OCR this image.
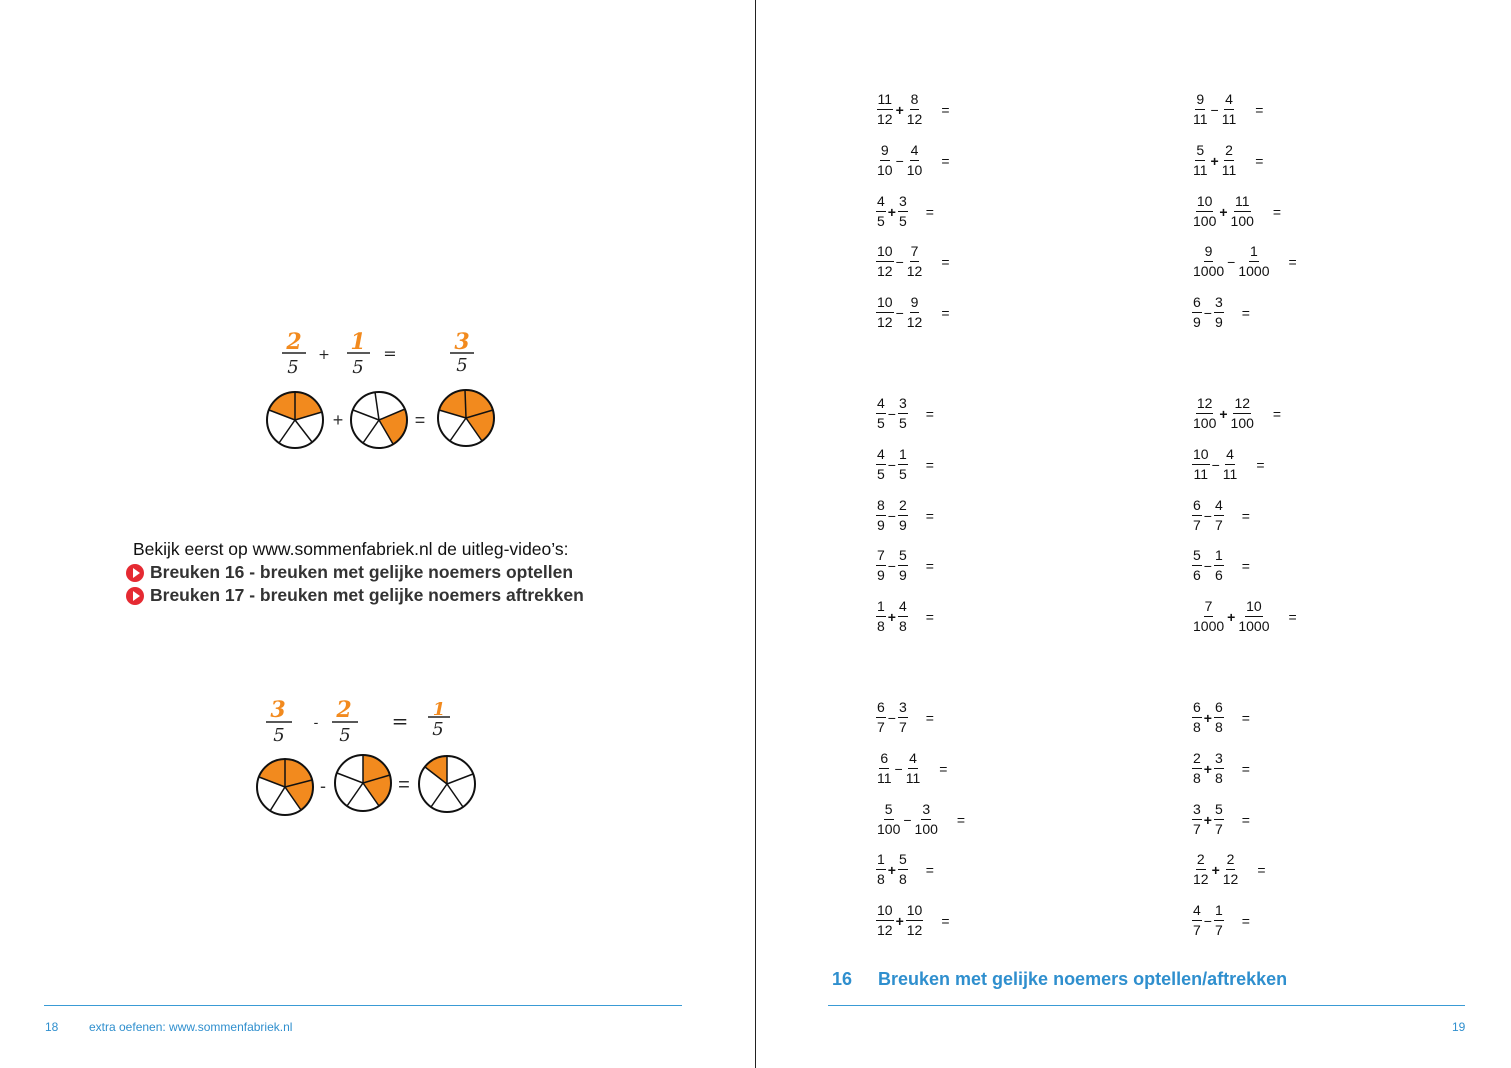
2
5
+ 1
5
=	3
5
+	=
Bekijk eerst op www. sommenfabriek.nl de uitleg-video’s:
Breuken 16 - breuken met gelijke noemers optellen
Breuken 17 - breuken met gelijke noemers aftrekken
3
5
- 2
5
= 1
5
-	=
18	extra oefenen: www.sommenfabriek.nl
$\frac{11}{12} + \frac{8}{12}$ =
$\frac{9}{10} - \frac{4}{10}$ =
$\frac{4}{5} + \frac{3}{5}$ =
$\frac{10}{12} - \frac{7}{12}$ =
$\frac{10}{12} - \frac{9}{12}$ =
$\frac{9}{11} - \frac{4}{11}$ =
$\frac{5}{11} + \frac{2}{11}$ =
$\frac{10}{100} + \frac{11}{100}$ =
$\frac{9}{1000} - \frac{1}{1000}$ =
$\frac{6}{9} - \frac{3}{9}$ =
$\frac{4}{5} - \frac{3}{5}$ =
$\frac{4}{5} - \frac{1}{5}$ =
$\frac{8}{9} - \frac{2}{9}$ =
$\frac{7}{9} - \frac{5}{9}$ =
$\frac{1}{8} + \frac{4}{8}$ =
$\frac{12}{100} + \frac{12}{100}$ =
$\frac{10}{11} - \frac{4}{11}$ =
$\frac{6}{7} - \frac{4}{7}$ =
$\frac{5}{6} - \frac{1}{6}$ =
$\frac{7}{1000} + \frac{10}{1000}$ =
$\frac{6}{7} - \frac{3}{7}$ =
$\frac{6}{11} - \frac{4}{11}$ =
$\frac{5}{100} - \frac{3}{100}$ =
$\frac{1}{8} + \frac{5}{8}$ =
$\frac{10}{12} + \frac{10}{12}$ =
$\frac{6}{8} + \frac{6}{8}$ =
$\frac{2}{8} + \frac{3}{8}$ =
$\frac{3}{7} + \frac{5}{7}$ =
$\frac{2}{12} + \frac{2}{12}$ =
$\frac{4}{7} - \frac{1}{7}$ =
16 Breuken met gelijke noemers optellen/aftrekken
19
